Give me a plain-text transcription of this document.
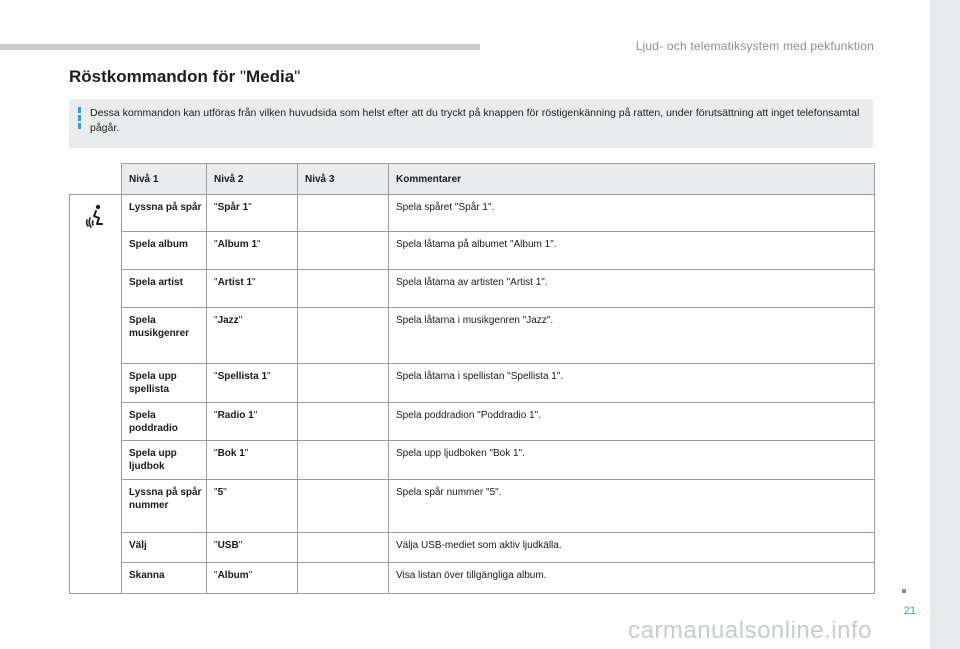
Ljud- och telematiksystem med pekfunktion
Röstkommandon för "Media"

Dessa kommandon kan utföras från vilken huvudsida som helst efter att du tryckt på knappen för röstigenkänning på ratten, under förutsättning att inget telefonsamtal pågår.

	Nivå 1	Nivå 2	Nivå 3	Kommentarer
	Lyssna på spår	"Spår 1"		Spela spåret "Spår 1".
	Spela album	"Album 1"		Spela låtarna på albumet "Album 1".
	Spela artist	"Artist 1"		Spela låtarna av artisten "Artist 1".
	Spela musikgenrer	"Jazz"		Spela låtarna i musikgenren "Jazz".
	Spela upp spellista	"Spellista 1"		Spela låtarna i spellistan "Spellista 1".
	Spela poddradio	"Radio 1"		Spela poddradion "Poddradio 1".
	Spela upp ljudbok	"Bok 1"		Spela upp ljudboken "Bok 1".
	Lyssna på spår nummer	"5"		Spela spår nummer "5".
	Välj	"USB"		Välja USB-mediet som aktiv ljudkälla.
	Skanna	"Album"		Visa listan över tillgängliga album.
21
carmanualsonline.info
